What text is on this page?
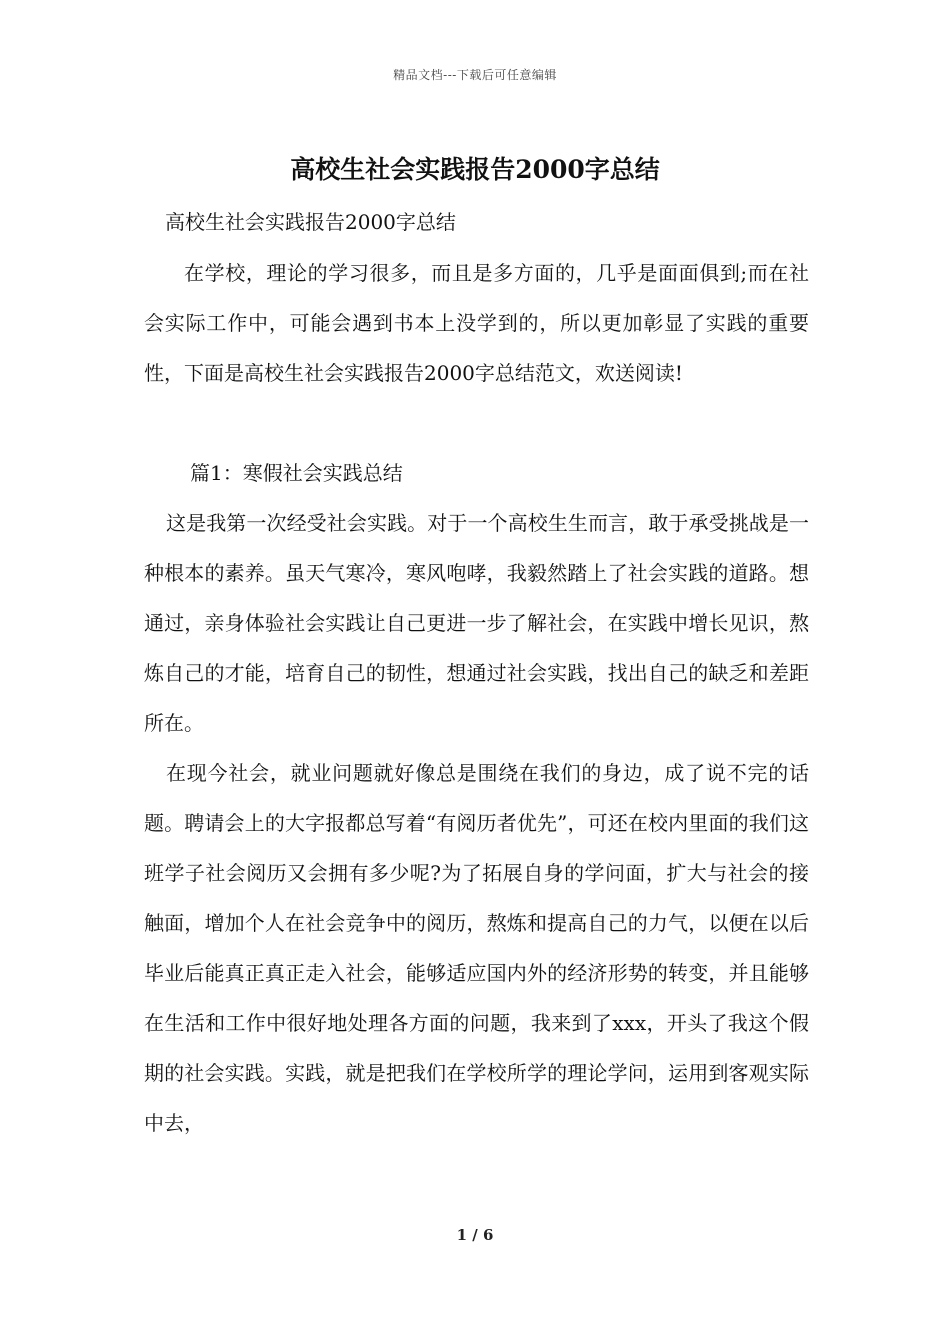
精品文档---下载后可任意编辑
高校生社会实践报告2000字总结
高校生社会实践报告2000字总结

在学校，理论的学习很多，而且是多方面的，几乎是面面俱到;而在社会实际工作中，可能会遇到书本上没学到的，所以更加彰显了实践的重要性，下面是高校生社会实践报告2000字总结范文，欢送阅读!

篇1：寒假社会实践总结

这是我第一次经受社会实践。对于一个高校生生而言，敢于承受挑战是一种根本的素养。虽天气寒冷，寒风咆哮，我毅然踏上了社会实践的道路。想通过，亲身体验社会实践让自己更进一步了解社会，在实践中增长见识，熬炼自己的才能，培育自己的韧性，想通过社会实践，找出自己的缺乏和差距所在。

在现今社会，就业问题就好像总是围绕在我们的身边，成了说不完的话题。聘请会上的大字报都总写着“有阅历者优先”，可还在校内里面的我们这班学子社会阅历又会拥有多少呢?为了拓展自身的学问面，扩大与社会的接触面，增加个人在社会竞争中的阅历，熬炼和提高自己的力气，以便在以后毕业后能真正真正走入社会，能够适应国内外的经济形势的转变，并且能够在生活和工作中很好地处理各方面的问题，我来到了xxx，开头了我这个假期的社会实践。实践，就是把我们在学校所学的理论学问，运用到客观实际中去，

1 / 6
